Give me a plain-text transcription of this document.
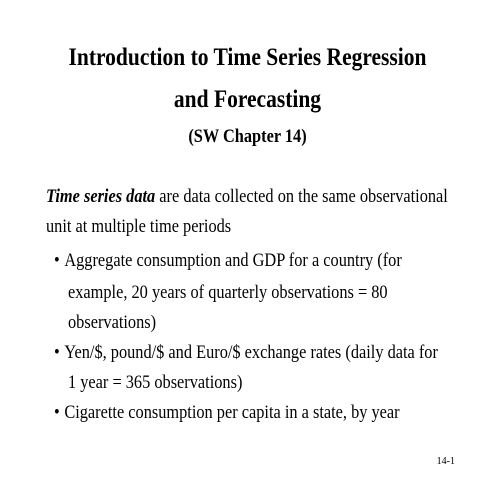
Introduction to Time Series Regression
and Forecasting
(SW Chapter 14)
Time series data are data collected on the same observational
unit at multiple time periods
• Aggregate consumption and GDP for a country (for
example, 20 years of quarterly observations = 80
observations)
• Yen/$, pound/$ and Euro/$ exchange rates (daily data for
1 year = 365 observations)
• Cigarette consumption per capita in a state, by year
14-1
